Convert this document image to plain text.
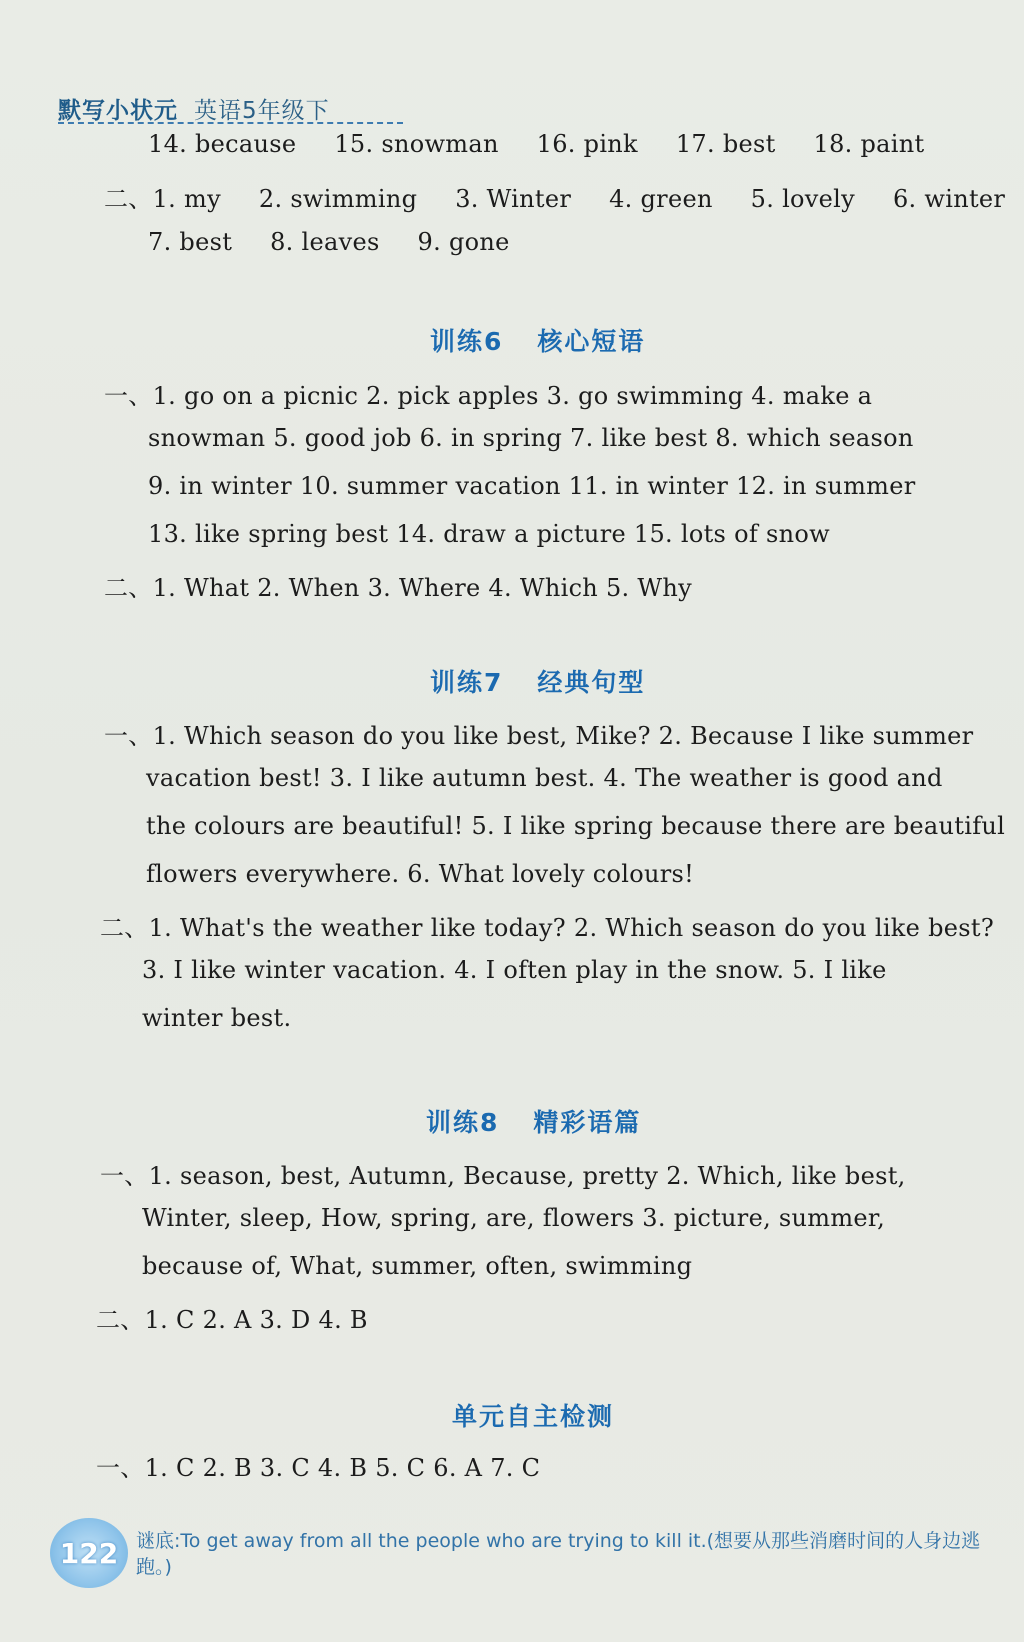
默写小状元 英语5年级下
14. because 15. snowman 16. pink 17. best 18. paint
二、1. my 2. swimming 3. Winter 4. green 5. lovely 6. winter
7. best 8. leaves 9. gone
训练6 核心短语
一、1. go on a picnic 2. pick apples 3. go swimming 4. make a
snowman 5. good job 6. in spring 7. like best 8. which season
9. in winter 10. summer vacation 11. in winter 12. in summer
13. like spring best 14. draw a picture 15. lots of snow
二、1. What 2. When 3. Where 4. Which 5. Why
训练7 经典句型
一、1. Which season do you like best, Mike? 2. Because I like summer
vacation best! 3. I like autumn best. 4. The weather is good and
the colours are beautiful! 5. I like spring because there are beautiful
flowers everywhere. 6. What lovely colours!
二、1. What's the weather like today? 2. Which season do you like best?
3. I like winter vacation. 4. I often play in the snow. 5. I like
winter best.
训练8 精彩语篇
一、1. season, best, Autumn, Because, pretty 2. Which, like best,
Winter, sleep, How, spring, are, flowers 3. picture, summer,
because of, What, summer, often, swimming
二、1. C 2. A 3. D 4. B
单元自主检测
一、1. C 2. B 3. C 4. B 5. C 6. A 7. C
122 谜底:To get away from all the people who are trying to kill it.(想要从那些消磨时间的人身边逃跑。)
